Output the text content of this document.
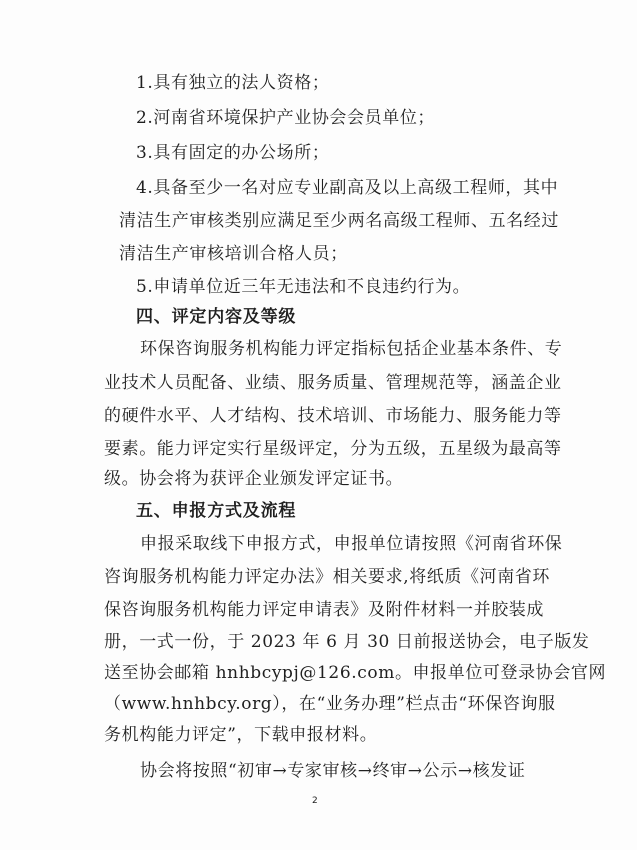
1.具有独立的法人资格；
2.河南省环境保护产业协会会员单位；
3.具有固定的办公场所；
4.具备至少一名对应专业副高及以上高级工程师，其中
清洁生产审核类别应满足至少两名高级工程师、五名经过
清洁生产审核培训合格人员；
5.申请单位近三年无违法和不良违约行为。
四、评定内容及等级
环保咨询服务机构能力评定指标包括企业基本条件、专
业技术人员配备、业绩、服务质量、管理规范等，涵盖企业
的硬件水平、人才结构、技术培训、市场能力、服务能力等
要素。能力评定实行星级评定，分为五级，五星级为最高等
级。协会将为获评企业颁发评定证书。
五、申报方式及流程
申报采取线下申报方式，申报单位请按照《河南省环保
咨询服务机构能力评定办法》相关要求,将纸质《河南省环
保咨询服务机构能力评定申请表》及附件材料一并胶装成
册，一式一份，于 2023 年 6 月 30 日前报送协会，电子版发
送至协会邮箱 hnhbcypj@126.com。申报单位可登录协会官网
（www.hnhbcy.org），在“业务办理”栏点击“环保咨询服
务机构能力评定”，下载申报材料。
协会将按照“初审→专家审核→终审→公示→核发证
2
